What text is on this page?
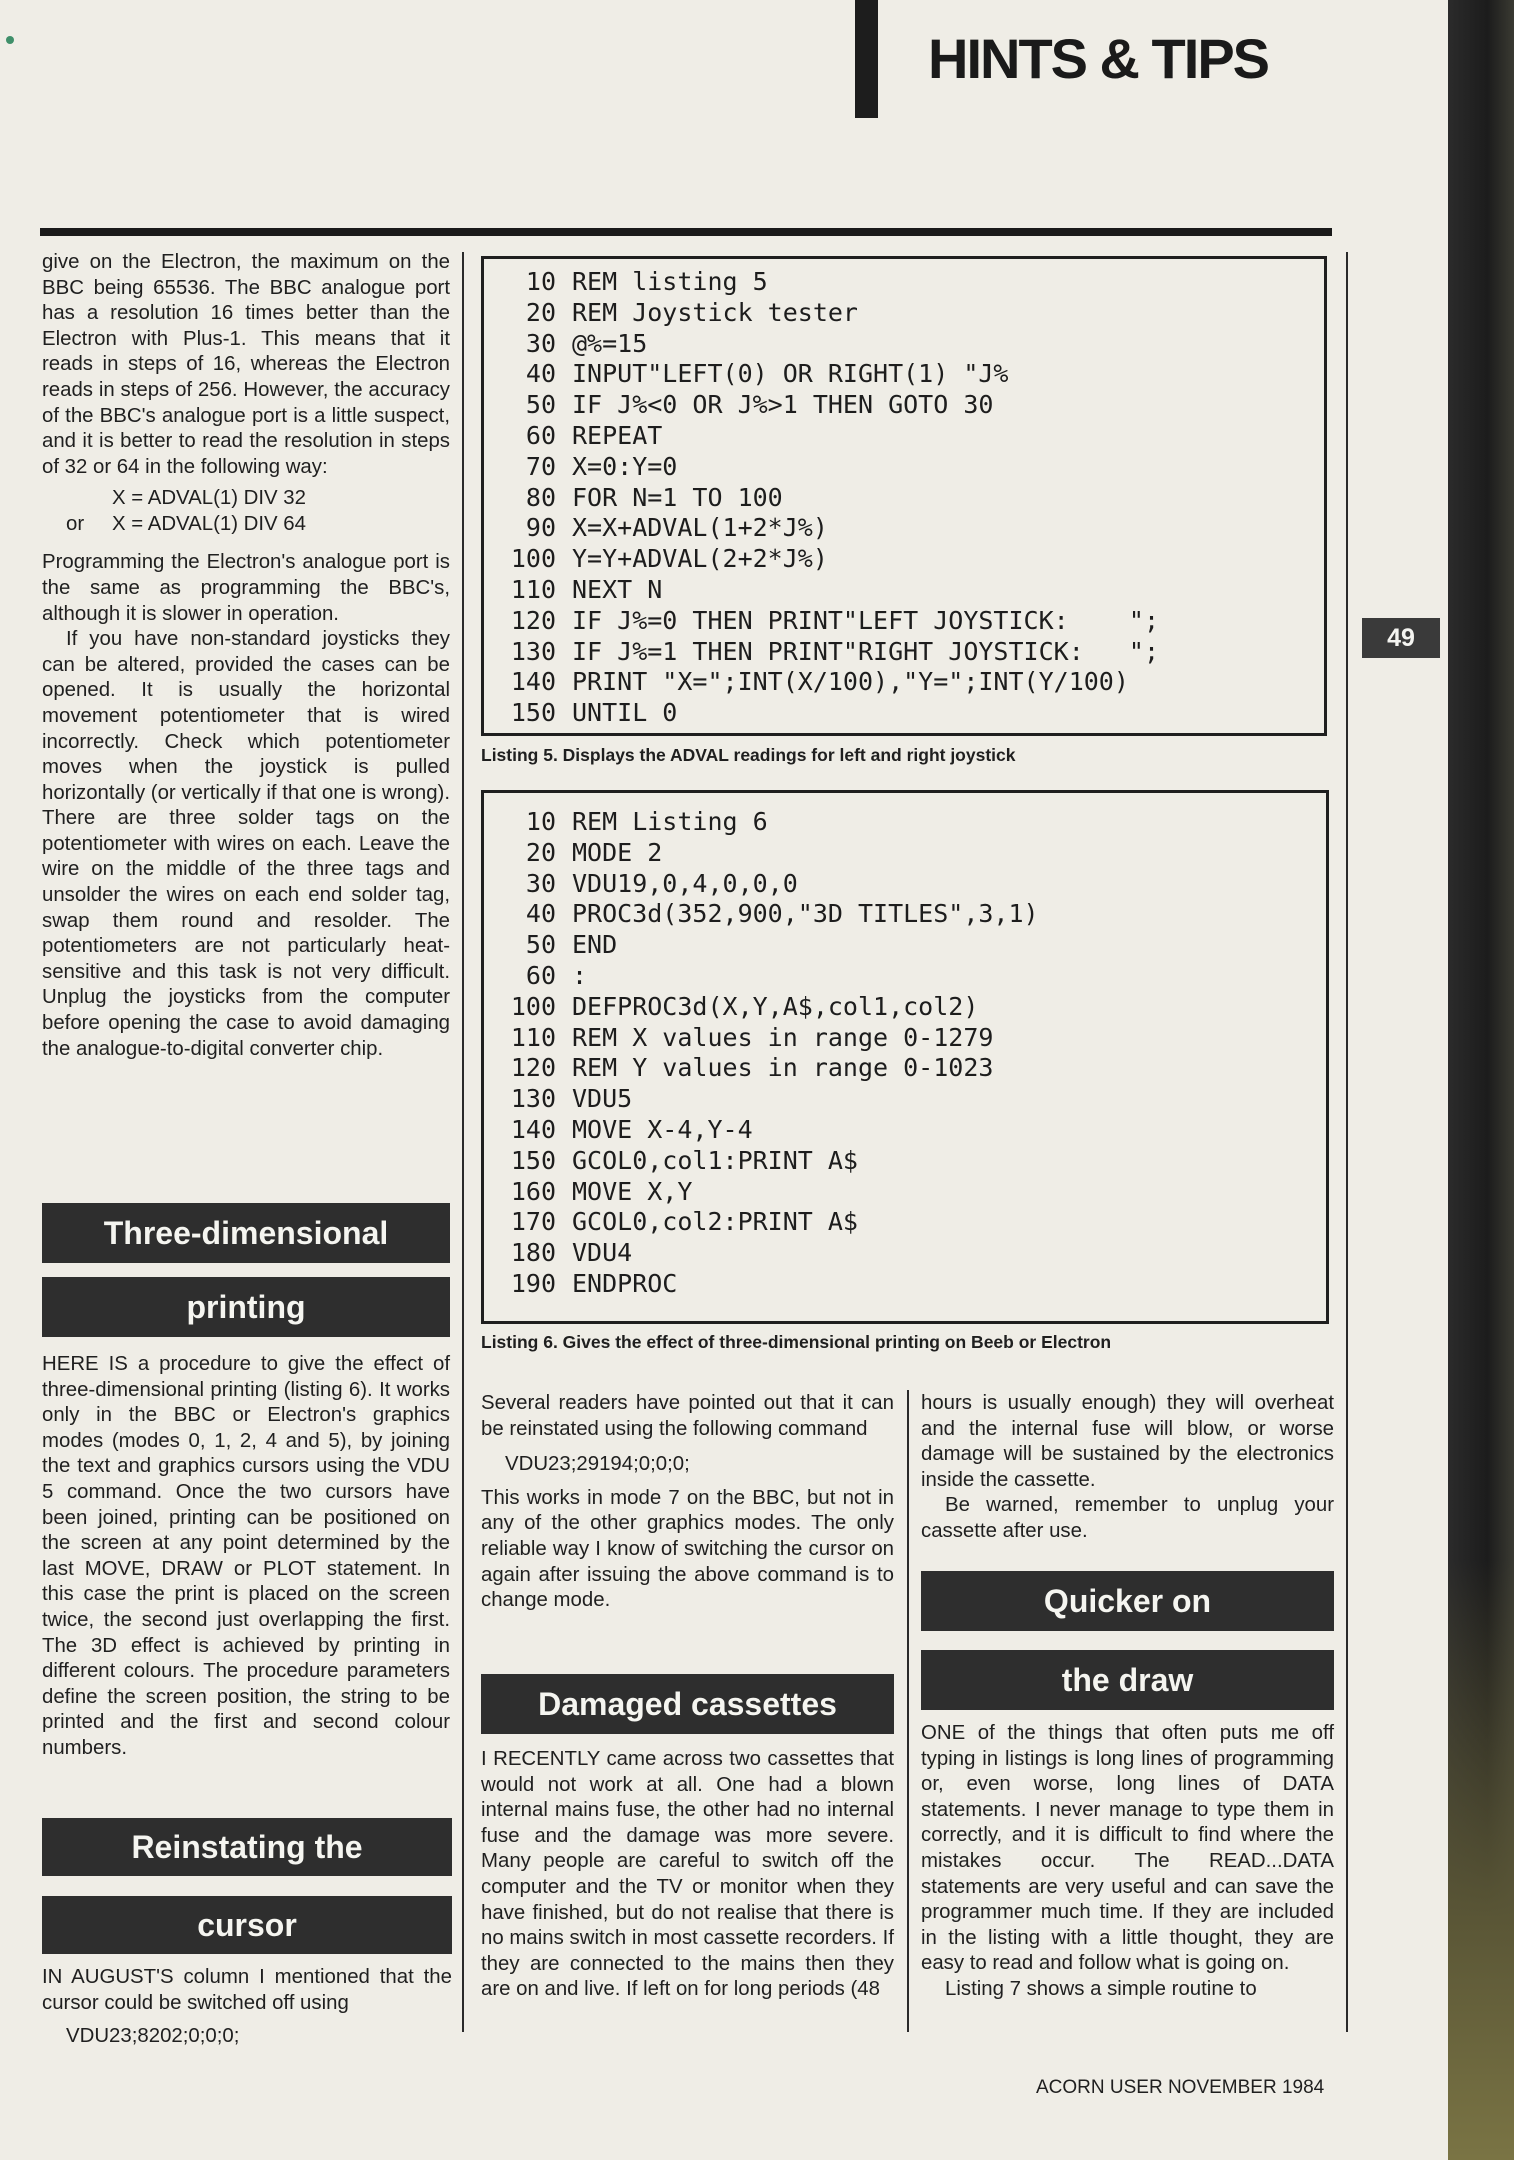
HINTS & TIPS
49

give on the Electron, the maximum on the BBC being 65536. The BBC analogue port has a resolution 16 times better than the Electron with Plus-1. This means that it reads in steps of 16, whereas the Electron reads in steps of 256. However, the accuracy of the BBC's analogue port is a little suspect, and it is better to read the resolution in steps of 32 or 64 in the following way:

X = ADVAL(1) DIV 32
or X = ADVAL(1) DIV 64

Programming the Electron's analogue port is the same as programming the BBC's, although it is slower in operation.

If you have non-standard joysticks they can be altered, provided the cases can be opened. It is usually the horizontal movement potentiometer that is wired incorrectly. Check which potentiometer moves when the joystick is pulled horizontally (or vertically if that one is wrong). There are three solder tags on the potentiometer with wires on each. Leave the wire on the middle of the three tags and unsolder the wires on each end solder tag, swap them round and resolder. The potentiometers are not particularly heat-sensitive and this task is not very difficult. Unplug the joysticks from the computer before opening the case to avoid damaging the analogue-to-digital converter chip.

Three-dimensional
printing

HERE IS a procedure to give the effect of three-dimensional printing (listing 6). It works only in the BBC or Electron's graphics modes (modes 0, 1, 2, 4 and 5), by joining the text and graphics cursors using the VDU 5 command. Once the two cursors have been joined, printing can be positioned on the screen at any point determined by the last MOVE, DRAW or PLOT statement. In this case the print is placed on the screen twice, the second just overlapping the first. The 3D effect is achieved by printing in different colours. The procedure parameters define the screen position, the string to be printed and the first and second colour numbers.

Reinstating the
cursor

IN AUGUST'S column I mentioned that the cursor could be switched off using

VDU23;8202;0;0;0;
10 REM listing 5
20 REM Joystick tester
30 @%=15
40 INPUT"LEFT(0) OR RIGHT(1) "J%
50 IF J%<0 OR J%>1 THEN GOTO 30
60 REPEAT
70 X=0:Y=0
80 FOR N=1 TO 100
90 X=X+ADVAL(1+2*J%)
100 Y=Y+ADVAL(2+2*J%)
110 NEXT N
120 IF J%=0 THEN PRINT"LEFT JOYSTICK:    ";
130 IF J%=1 THEN PRINT"RIGHT JOYSTICK:   ";
140 PRINT "X=";INT(X/100),"Y=";INT(Y/100)
150 UNTIL 0
Listing 5. Displays the ADVAL readings for left and right joystick
10 REM Listing 6
20 MODE 2
30 VDU19,0,4,0,0,0
40 PROC3d(352,900,"3D TITLES",3,1)
50 END
60 :
100 DEFPROC3d(X,Y,A$,col1,col2)
110 REM X values in range 0-1279
120 REM Y values in range 0-1023
130 VDU5
140 MOVE X-4,Y-4
150 GCOL0,col1:PRINT A$
160 MOVE X,Y
170 GCOL0,col2:PRINT A$
180 VDU4
190 ENDPROC
Listing 6. Gives the effect of three-dimensional printing on Beeb or Electron

Several readers have pointed out that it can be reinstated using the following command

VDU23;29194;0;0;0;

This works in mode 7 on the BBC, but not in any of the other graphics modes. The only reliable way I know of switching the cursor on again after issuing the above command is to change mode.

Damaged cassettes

I RECENTLY came across two cassettes that would not work at all. One had a blown internal mains fuse, the other had no internal fuse and the damage was more severe. Many people are careful to switch off the computer and the TV or monitor when they have finished, but do not realise that there is no mains switch in most cassette recorders. If they are connected to the mains then they are on and live. If left on for long periods (48

hours is usually enough) they will overheat and the internal fuse will blow, or worse damage will be sustained by the electronics inside the cassette.

Be warned, remember to unplug your cassette after use.

Quicker on
the draw

ONE of the things that often puts me off typing in listings is long lines of programming or, even worse, long lines of DATA statements. I never manage to type them in correctly, and it is difficult to find where the mistakes occur. The READ...DATA statements are very useful and can save the programmer much time. If they are included in the listing with a little thought, they are easy to read and follow what is going on.

Listing 7 shows a simple routine to

ACORN USER NOVEMBER 1984
